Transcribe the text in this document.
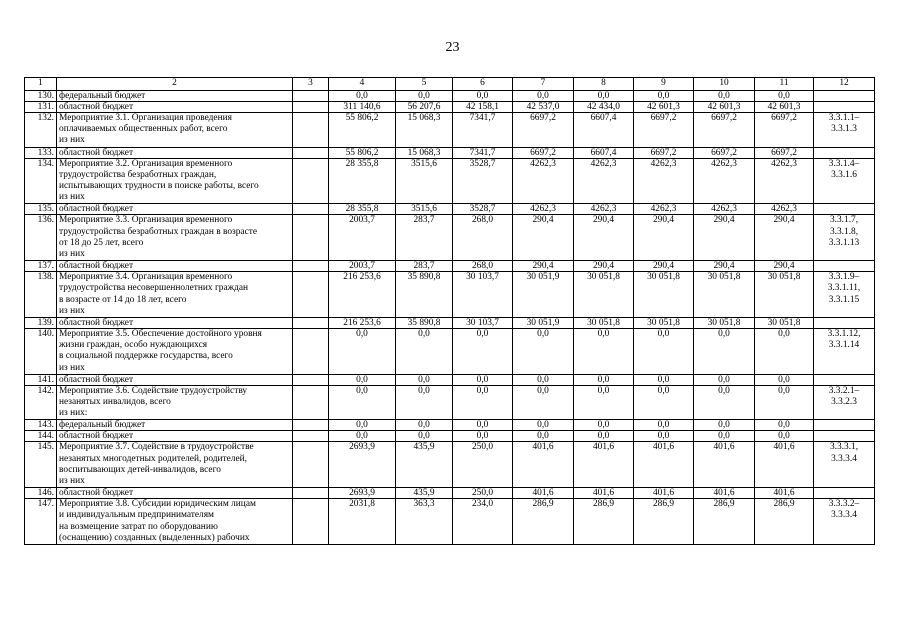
23
1	2	3	4	5	6	7	8	9	10	11	12
130.	федеральный бюджет		0,0	0,0	0,0	0,0	0,0	0,0	0,0	0,0	
131.	областной бюджет		311 140,6	56 207,6	42 158,1	42 537,0	42 434,0	42 601,3	42 601,3	42 601,3	
132.	Мероприятие 3.1. Организация проведения
оплачиваемых общественных работ, всего
из них		55 806,2	15 068,3	7341,7	6697,2	6607,4	6697,2	6697,2	6697,2	3.3.1.1–
3.3.1.3
133.	областной бюджет		55 806,2	15 068,3	7341,7	6697,2	6607,4	6697,2	6697,2	6697,2	
134.	Мероприятие 3.2. Организация временного
трудоустройства безработных граждан,
испытывающих трудности в поиске работы, всего
из них		28 355,8	3515,6	3528,7	4262,3	4262,3	4262,3	4262,3	4262,3	3.3.1.4–
3.3.1.6
135.	областной бюджет		28 355,8	3515,6	3528,7	4262,3	4262,3	4262,3	4262,3	4262,3	
136.	Мероприятие 3.3. Организация временного
трудоустройства безработных граждан в возрасте
от 18 до 25 лет, всего
из них		2003,7	283,7	268,0	290,4	290,4	290,4	290,4	290,4	3.3.1.7,
3.3.1.8,
3.3.1.13
137.	областной бюджет		2003,7	283,7	268,0	290,4	290,4	290,4	290,4	290,4	
138.	Мероприятие 3.4. Организация временного
трудоустройства несовершеннолетних граждан
в возрасте от 14 до 18 лет, всего
из них		216 253,6	35 890,8	30 103,7	30 051,9	30 051,8	30 051,8	30 051,8	30 051,8	3.3.1.9–
3.3.1.11,
3.3.1.15
139.	областной бюджет		216 253,6	35 890,8	30 103,7	30 051,9	30 051,8	30 051,8	30 051,8	30 051,8	
140.	Мероприятие 3.5. Обеспечение достойного уровня
жизни граждан, особо нуждающихся
в социальной поддержке государства, всего
из них		0,0	0,0	0,0	0,0	0,0	0,0	0,0	0,0	3.3.1.12,
3.3.1.14
141.	областной бюджет		0,0	0,0	0,0	0,0	0,0	0,0	0,0	0,0	
142.	Мероприятие 3.6. Содействие трудоустройству
незанятых инвалидов, всего
из них:		0,0	0,0	0,0	0,0	0,0	0,0	0,0	0,0	3.3.2.1–
3.3.2.3
143.	федеральный бюджет		0,0	0,0	0,0	0,0	0,0	0,0	0,0	0,0	
144.	областной бюджет		0,0	0,0	0,0	0,0	0,0	0,0	0,0	0,0	
145.	Мероприятие 3.7. Содействие в трудоустройстве
незанятых многодетных родителей, родителей,
воспитывающих детей-инвалидов, всего
из них		2693,9	435,9	250,0	401,6	401,6	401,6	401,6	401,6	3.3.3.1,
3.3.3.4
146.	областной бюджет		2693,9	435,9	250,0	401,6	401,6	401,6	401,6	401,6	
147.	Мероприятие 3.8. Субсидии юридическим лицам
и индивидуальным предпринимателям
на возмещение затрат по оборудованию
(оснащению) созданных (выделенных) рабочих		2031,8	363,3	234,0	286,9	286,9	286,9	286,9	286,9	3.3.3.2–
3.3.3.4
